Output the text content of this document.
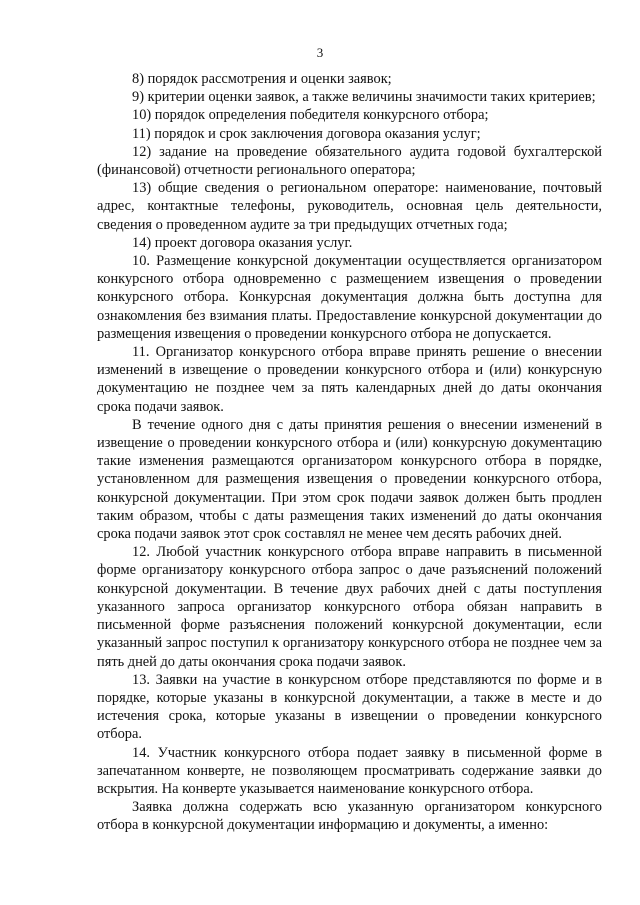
3

8) порядок рассмотрения и оценки заявок;

9) критерии оценки заявок, а также величины значимости таких критериев;

10) порядок определения победителя конкурсного отбора;

11) порядок и срок заключения договора оказания услуг;

12) задание на проведение обязательного аудита годовой бухгалтерской (финансовой) отчетности регионального оператора;

13) общие сведения о региональном операторе: наименование, почтовый адрес, контактные телефоны, руководитель, основная цель деятельности, сведения о проведенном аудите за три предыдущих отчетных года;

14) проект договора оказания услуг.

10. Размещение конкурсной документации осуществляется организатором конкурсного отбора одновременно с размещением извещения о проведении конкурсного отбора. Конкурсная документация должна быть доступна для ознакомления без взимания платы. Предоставление конкурсной документации до размещения извещения о проведении конкурсного отбора не допускается.

11. Организатор конкурсного отбора вправе принять решение о внесении изменений в извещение о проведении конкурсного отбора и (или) конкурсную документацию не позднее чем за пять календарных дней до даты окончания срока подачи заявок.

В течение одного дня с даты принятия решения о внесении изменений в извещение о проведении конкурсного отбора и (или) конкурсную документацию такие изменения размещаются организатором конкурсного отбора в порядке, установленном для размещения извещения о проведении конкурсного отбора, конкурсной документации. При этом срок подачи заявок должен быть продлен таким образом, чтобы с даты размещения таких изменений до даты окончания срока подачи заявок этот срок составлял не менее чем десять рабочих дней.

12. Любой участник конкурсного отбора вправе направить в письменной форме организатору конкурсного отбора запрос о даче разъяснений положений конкурсной документации. В течение двух рабочих дней с даты поступления указанного запроса организатор конкурсного отбора обязан направить в письменной форме разъяснения положений конкурсной документации, если указанный запрос поступил к организатору конкурсного отбора не позднее чем за пять дней до даты окончания срока подачи заявок.

13. Заявки на участие в конкурсном отборе представляются по форме и в порядке, которые указаны в конкурсной документации, а также в месте и до истечения срока, которые указаны в извещении о проведении конкурсного отбора.

14. Участник конкурсного отбора подает заявку в письменной форме в запечатанном конверте, не позволяющем просматривать содержание заявки до вскрытия. На конверте указывается наименование конкурсного отбора.

Заявка должна содержать всю указанную организатором конкурсного отбора в конкурсной документации информацию и документы, а именно:
